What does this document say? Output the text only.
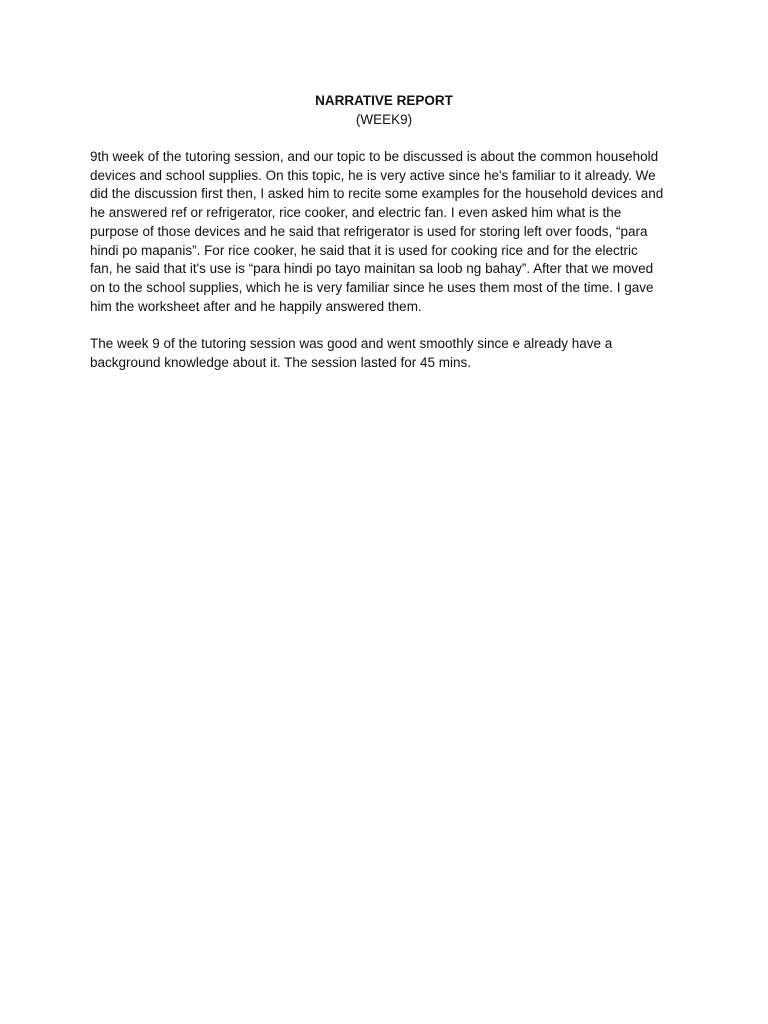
NARRATIVE REPORT

(WEEK9)

9th week of the tutoring session, and our topic to be discussed is about the common household
devices and school supplies. On this topic, he is very active since he's familiar to it already. We
did the discussion first then, I asked him to recite some examples for the household devices and
he answered ref or refrigerator, rice cooker, and electric fan. I even asked him what is the
purpose of those devices and he said that refrigerator is used for storing left over foods, “para
hindi po mapanis”. For rice cooker, he said that it is used for cooking rice and for the electric
fan, he said that it's use is “para hindi po tayo mainitan sa loob ng bahay”. After that we moved
on to the school supplies, which he is very familiar since he uses them most of the time. I gave
him the worksheet after and he happily answered them.

The week 9 of the tutoring session was good and went smoothly since e already have a
background knowledge about it. The session lasted for 45 mins.
